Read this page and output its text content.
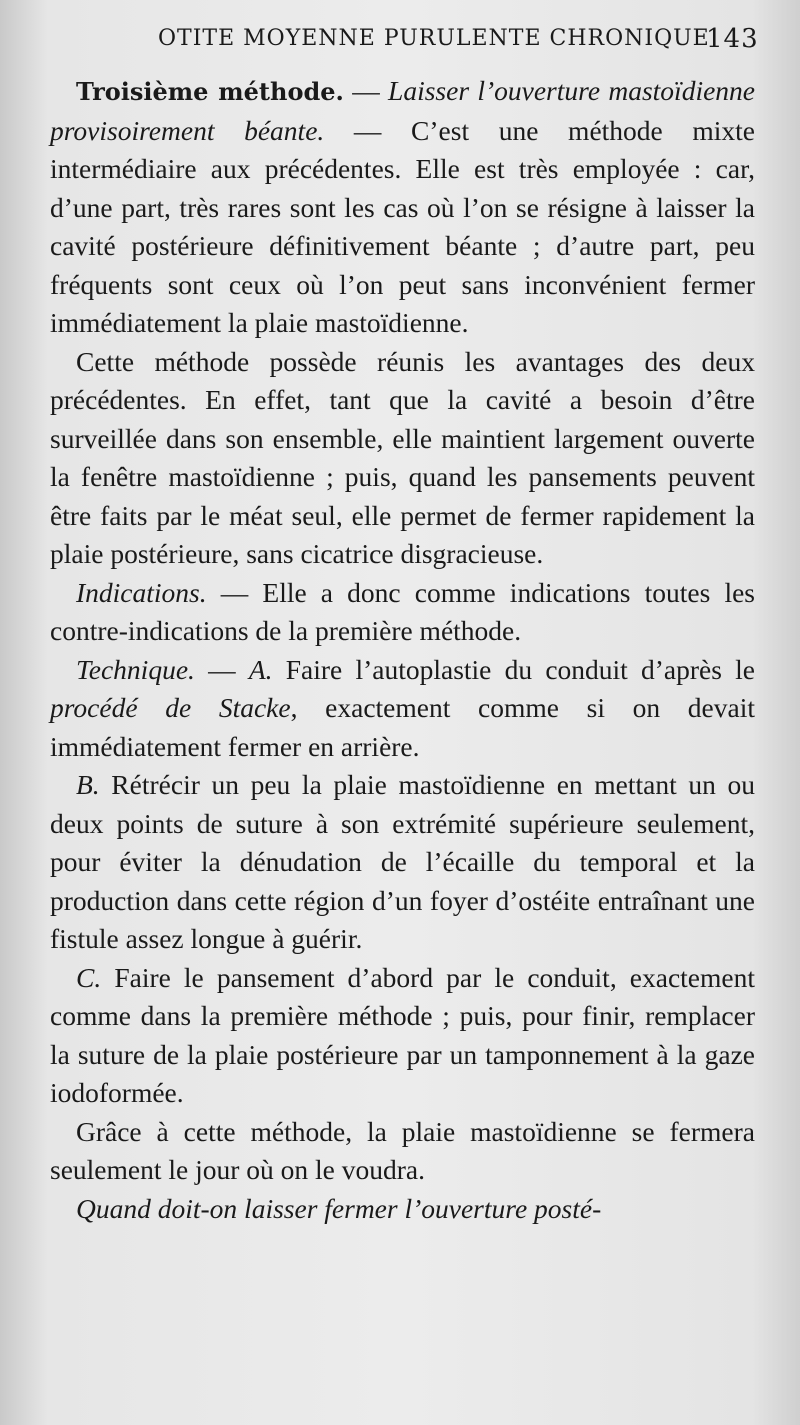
OTITE MOYENNE PURULENTE CHRONIQUE
143

Troisième méthode. — Laisser l’ouverture mastoïdienne provisoirement béante. — C’est une méthode mixte intermédiaire aux précédentes. Elle est très employée : car, d’une part, très rares sont les cas où l’on se résigne à laisser la cavité postérieure définitivement béante ; d’autre part, peu fréquents sont ceux où l’on peut sans inconvénient fermer immédiatement la plaie mastoïdienne.

Cette méthode possède réunis les avantages des deux précédentes. En effet, tant que la cavité a besoin d’être surveillée dans son ensemble, elle maintient largement ouverte la fenêtre mastoïdienne ; puis, quand les pansements peuvent être faits par le méat seul, elle permet de fermer rapidement la plaie postérieure, sans cicatrice disgracieuse.

Indications. — Elle a donc comme indications toutes les contre-indications de la première méthode.

Technique. — A. Faire l’autoplastie du conduit d’après le procédé de Stacke, exactement comme si on devait immédiatement fermer en arrière.

B. Rétrécir un peu la plaie mastoïdienne en mettant un ou deux points de suture à son extrémité supérieure seulement, pour éviter la dénudation de l’écaille du temporal et la production dans cette région d’un foyer d’ostéite entraînant une fistule assez longue à guérir.

C. Faire le pansement d’abord par le conduit, exactement comme dans la première méthode ; puis, pour finir, remplacer la suture de la plaie postérieure par un tamponnement à la gaze iodoformée.

Grâce à cette méthode, la plaie mastoïdienne se fermera seulement le jour où on le voudra.

Quand doit-on laisser fermer l’ouverture posté-
